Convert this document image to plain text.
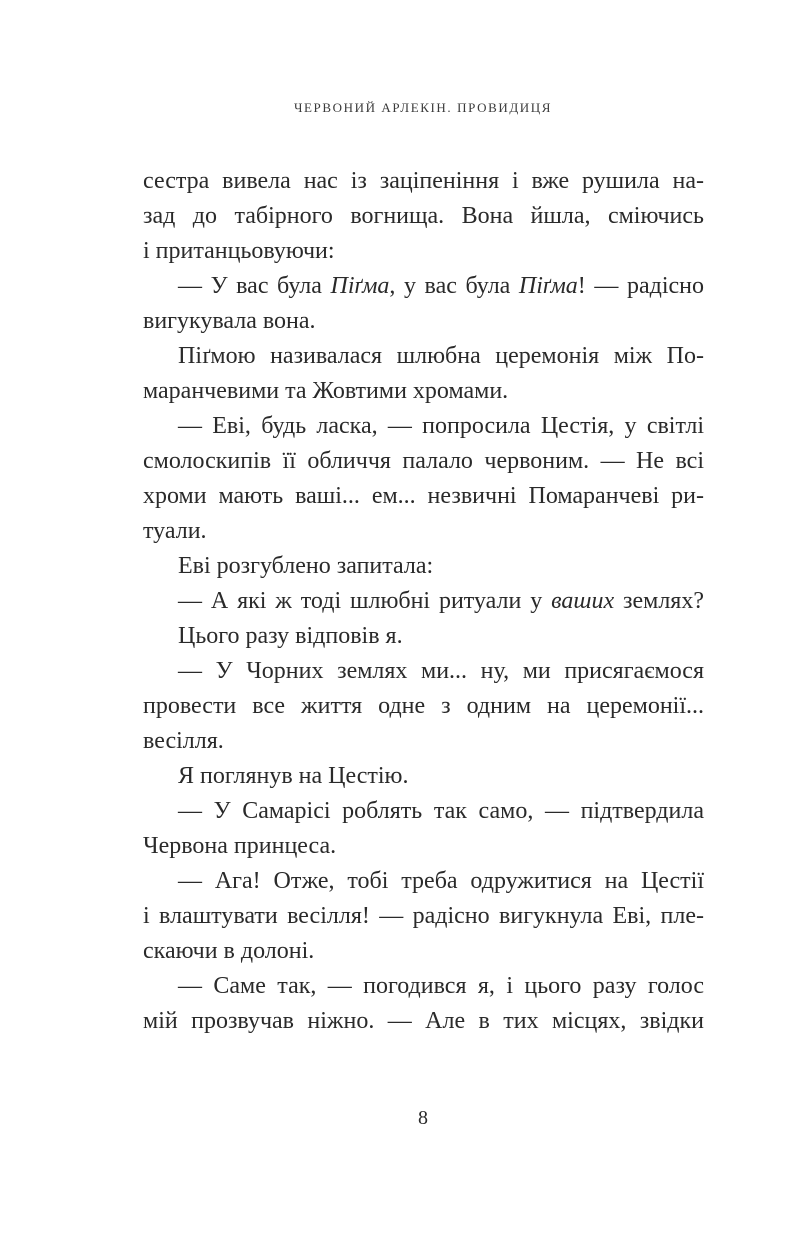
ЧЕРВОНИЙ АРЛЕКІН. ПРОВИДИЦЯ
сестра вивела нас із заціпеніння і вже рушила на-
зад до табірного вогнища. Вона йшла, сміючись
і пританцьовуючи:
— У вас була Піґма, у вас була Піґма! — радісно
вигукувала вона.
Піґмою називалася шлюбна церемонія між По-
маранчевими та Жовтими хромами.
— Еві, будь ласка, — попросила Цестія, у світлі
смолоскипів її обличчя палало червоним. — Не всі
хроми мають ваші... ем... незвичні Помаранчеві ри-
туали.
Еві розгублено запитала:
— А які ж тоді шлюбні ритуали у ваших землях?
Цього разу відповів я.
— У Чорних землях ми... ну, ми присягаємося
провести все життя одне з одним на церемонії...
весілля.
Я поглянув на Цестію.
— У Самарісі роблять так само, — підтвердила
Червона принцеса.
— Ага! Отже, тобі треба одружитися на Цестії
і влаштувати весілля! — радісно вигукнула Еві, пле-
скаючи в долоні.
— Саме так, — погодився я, і цього разу голос
мій прозвучав ніжно. — Але в тих місцях, звідки
8
